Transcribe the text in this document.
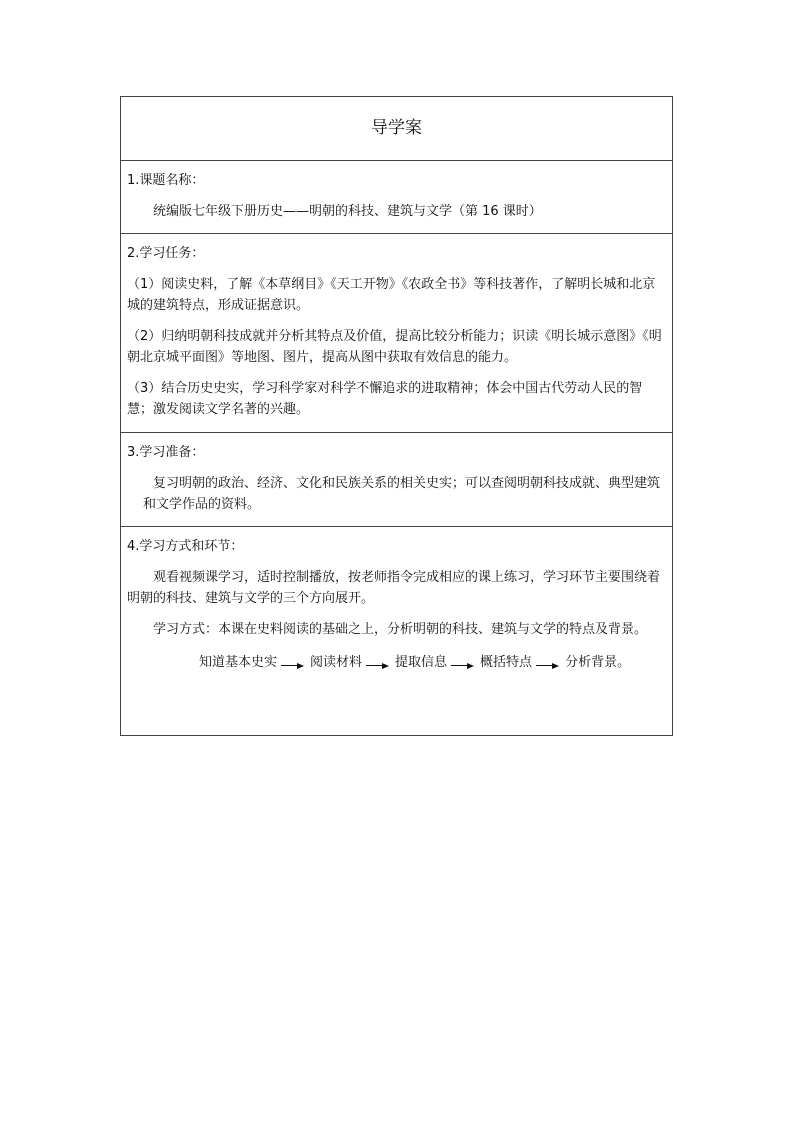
导学案
1.课题名称：
统编版七年级下册历史——明朝的科技、建筑与文学（第 16 课时）
2.学习任务：
（1）阅读史料，了解《本草纲目》《天工开物》《农政全书》等科技著作，了解明长城和北京城的建筑特点，形成证据意识。
（2）归纳明朝科技成就并分析其特点及价值，提高比较分析能力；识读《明长城示意图》《明朝北京城平面图》等地图、图片，提高从图中获取有效信息的能力。
（3）结合历史史实，学习科学家对科学不懈追求的进取精神；体会中国古代劳动人民的智慧；激发阅读文学名著的兴趣。
3.学习准备：
复习明朝的政治、经济、文化和民族关系的相关史实；可以查阅明朝科技成就、典型建筑和文学作品的资料。
4.学习方式和环节：
观看视频课学习，适时控制播放，按老师指令完成相应的课上练习，学习环节主要围绕着明朝的科技、建筑与文学的三个方向展开。
学习方式：本课在史料阅读的基础之上，分析明朝的科技、建筑与文学的特点及背景。
知道基本史实	阅读材料	提取信息	概括特点	分析背景。
